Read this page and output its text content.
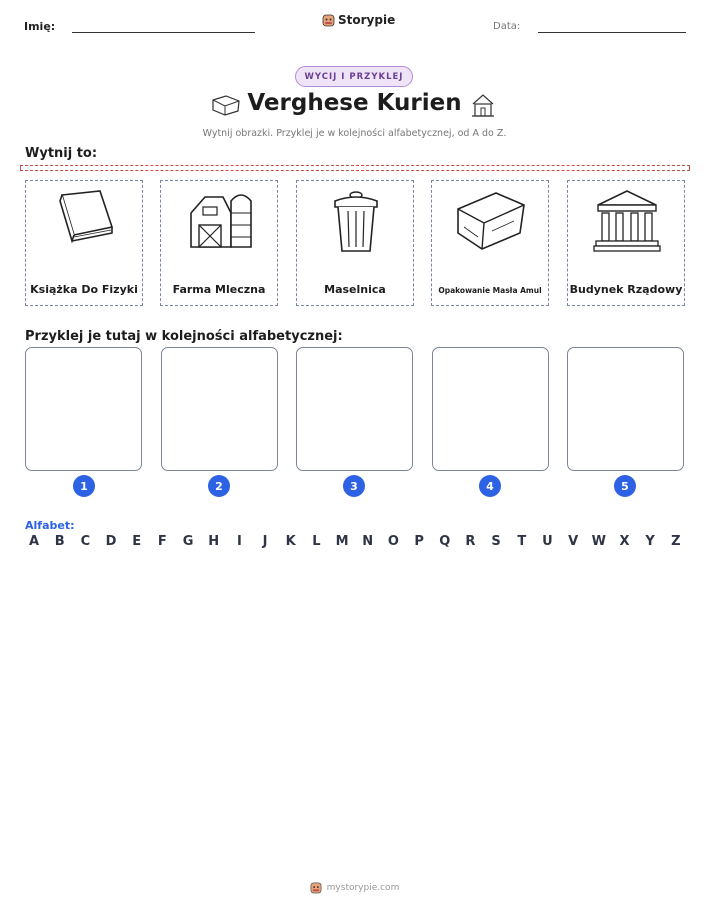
Imię:	Storypie	Data:
WYCIJ I PRZYKLEJ
Verghese Kurien
Wytnij obrazki. Przyklej je w kolejności alfabetycznej, od A do Z.
Wytnij to:
Książka Do Fizyki	Farma Mleczna	Maselnica	Opakowanie Masła Amul	Budynek Rządowy
Przyklej je tutaj w kolejności alfabetycznej:
1	2	3	4	5
Alfabet:
A	B	C	D	E	F	G H	I	J	K	L	M N O	P	Q	R	S	T	U	V	W	X	Y	Z
mystorypie.com
